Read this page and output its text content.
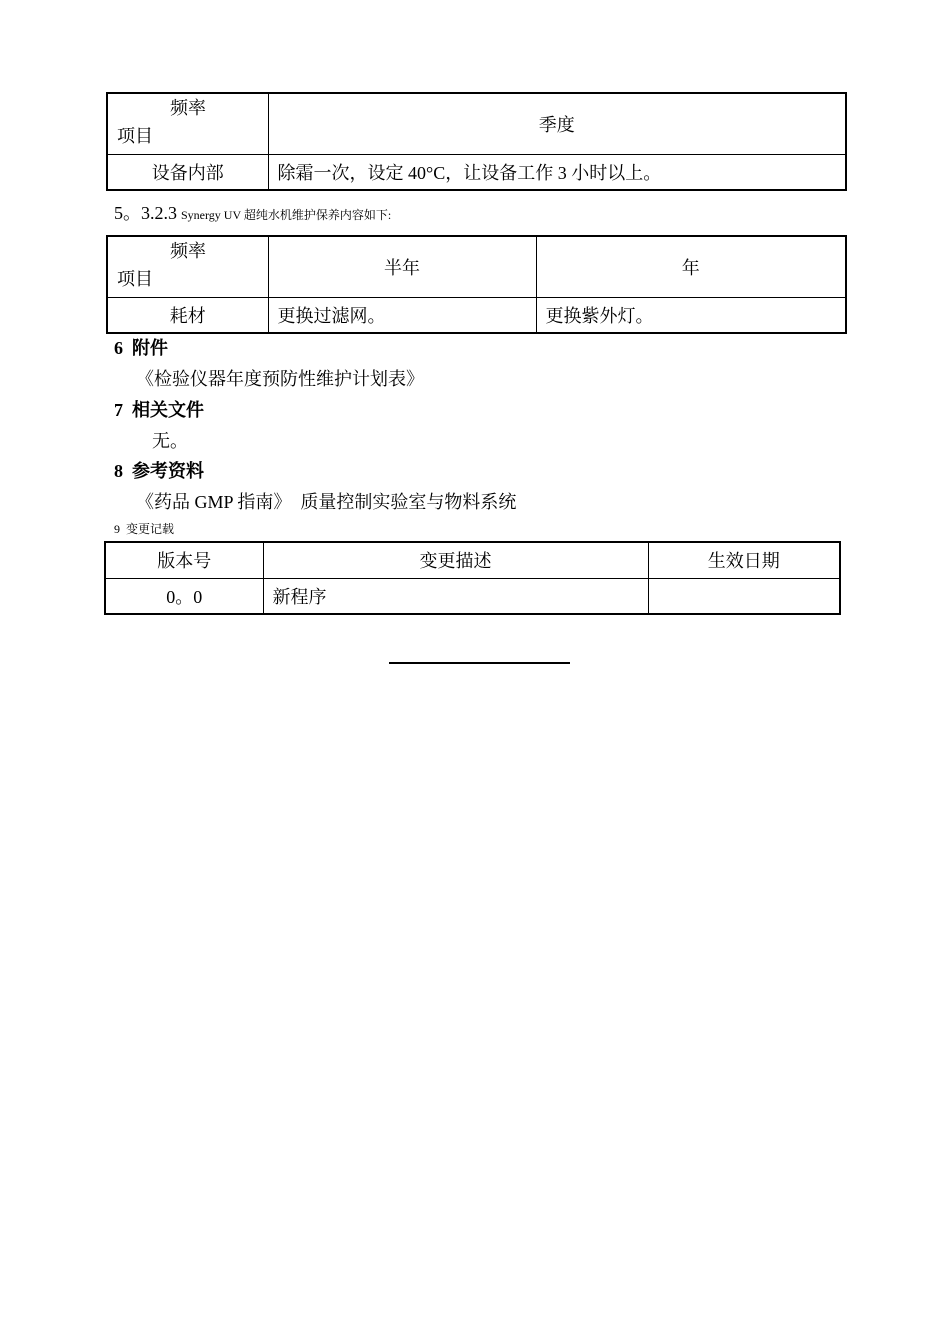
频率
项目	季度
设备内部	除霜一次，设定 40°C，让设备工作 3 小时以上。
5。3.2.3 Synergy UV 超纯水机维护保养内容如下:
频率
项目	半年	年
耗材	更换过滤网。	更换紫外灯。
6  附件
《检验仪器年度预防性维护计划表》
7  相关文件
无。
8  参考资料
《药品 GMP 指南》  质量控制实验室与物料系统
9  变更记载
版本号	变更描述	生效日期
0。0	新程序	
